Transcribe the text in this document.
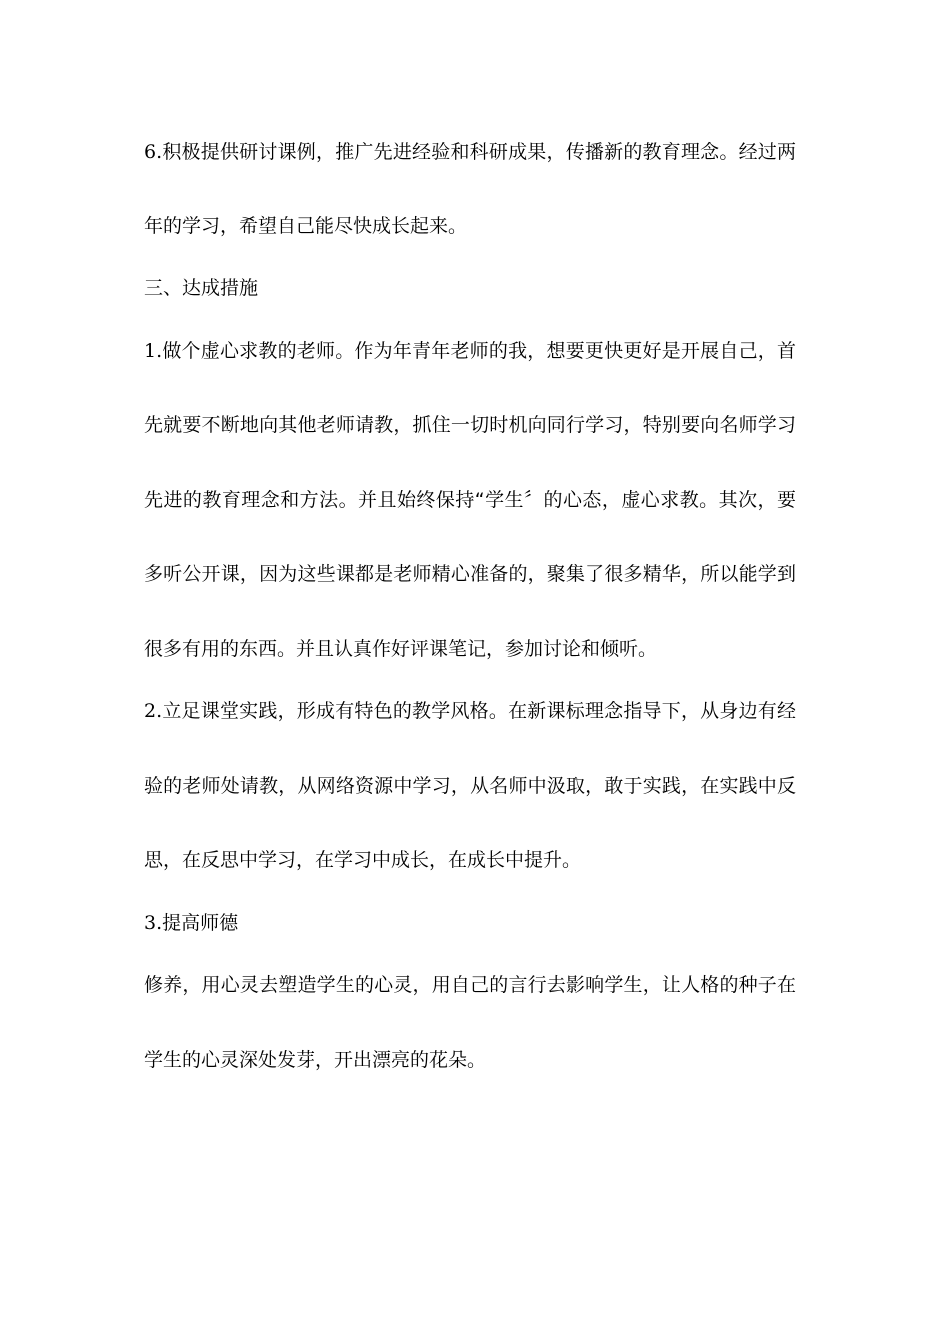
6.积极提供研讨课例，推广先进经验和科研成果，传播新的教育理念。经过两
年的学习，希望自己能尽快成长起来。
三、达成措施
1.做个虚心求教的老师。作为年青年老师的我，想要更快更好是开展自己，首
先就要不断地向其他老师请教，抓住一切时机向同行学习，特别要向名师学习
先进的教育理念和方法。并且始终保持“学生〞的心态，虚心求教。其次，要
多听公开课，因为这些课都是老师精心准备的，聚集了很多精华，所以能学到
很多有用的东西。并且认真作好评课笔记，参加讨论和倾听。
2.立足课堂实践，形成有特色的教学风格。在新课标理念指导下，从身边有经
验的老师处请教，从网络资源中学习，从名师中汲取，敢于实践，在实践中反
思，在反思中学习，在学习中成长，在成长中提升。
3.提高师德
修养，用心灵去塑造学生的心灵，用自己的言行去影响学生，让人格的种子在
学生的心灵深处发芽，开出漂亮的花朵。
